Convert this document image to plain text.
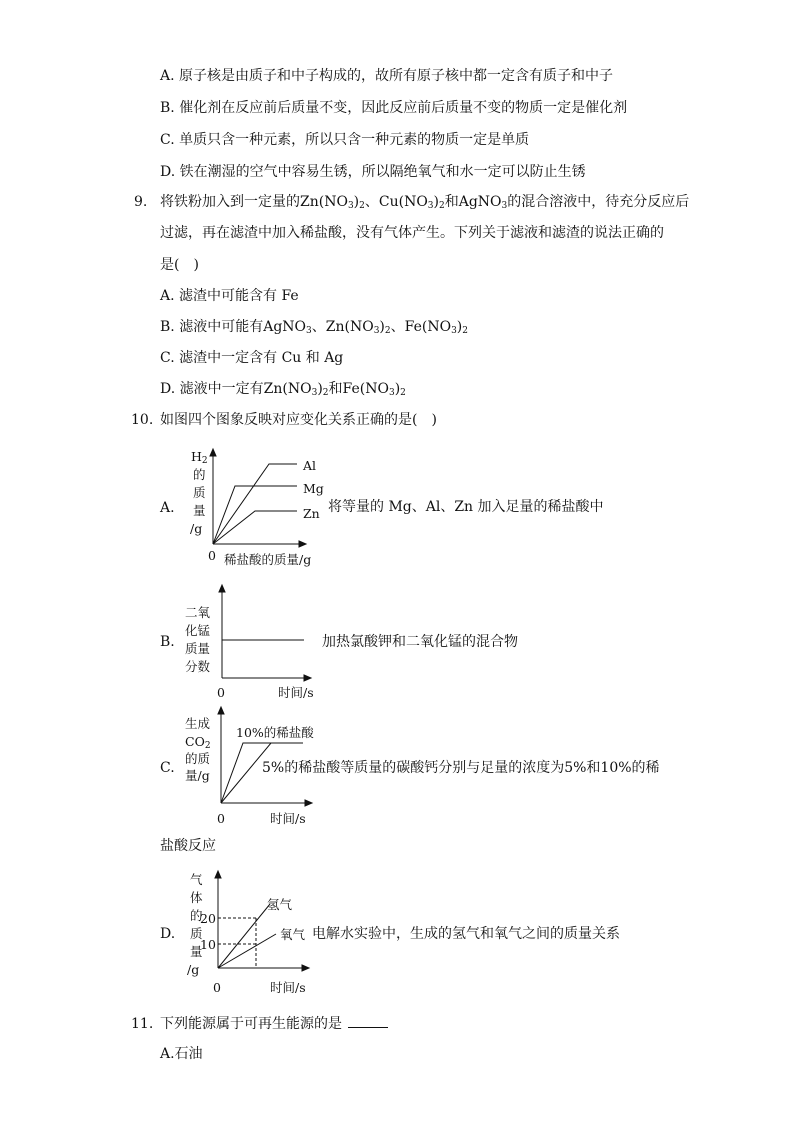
A. 原子核是由质子和中子构成的，故所有原子核中都一定含有质子和中子
B. 催化剂在反应前后质量不变，因此反应前后质量不变的物质一定是催化剂
C. 单质只含一种元素，所以只含一种元素的物质一定是单质
D. 铁在潮湿的空气中容易生锈，所以隔绝氧气和水一定可以防止生锈
9. 将铁粉加入到一定量的$Zn(NO_3)_2$、$Cu(NO_3)_2$和AgNO$_3$的混合溶液中，待充分反应后
过滤，再在滤渣中加入稀盐酸，没有气体产生。下列关于滤液和滤渣的说法正确的
是(　)
A. 滤渣中可能含有 Fe
B. 滤液中可能有AgNO$_3$、$Zn(NO_3)_2$、$Fe(NO_3)_2$
C. 滤渣中一定含有 Cu 和 Ag
D. 滤液中一定有$Zn(NO_3)_2$和$Fe(NO_3)_2$
10. 如图四个图象反映对应变化关系正确的是(　)
A.
$H_2$
的
质
量
/g
Al
Mg
Zn 将等量的 Mg、Al、Zn 加入足量的稀盐酸中
0 稀盐酸的质量/g
B.
二氧
化锰
质量
分数
加热氯酸钾和二氧化锰的混合物
0	时间/s
C.
生成
$CO_2$
的质
量/g
10%的稀盐酸
5%的稀盐酸等质量的碳酸钙分别与足量的浓度为5%和10%的稀
0	时间/s
盐酸反应
D.
气
体
的
质
量
/g
20
10
氢气
氧气 电解水实验中，生成的氢气和氧气之间的质量关系
0	时间/s
11. 下列能源属于可再生能源的是
A.石油
